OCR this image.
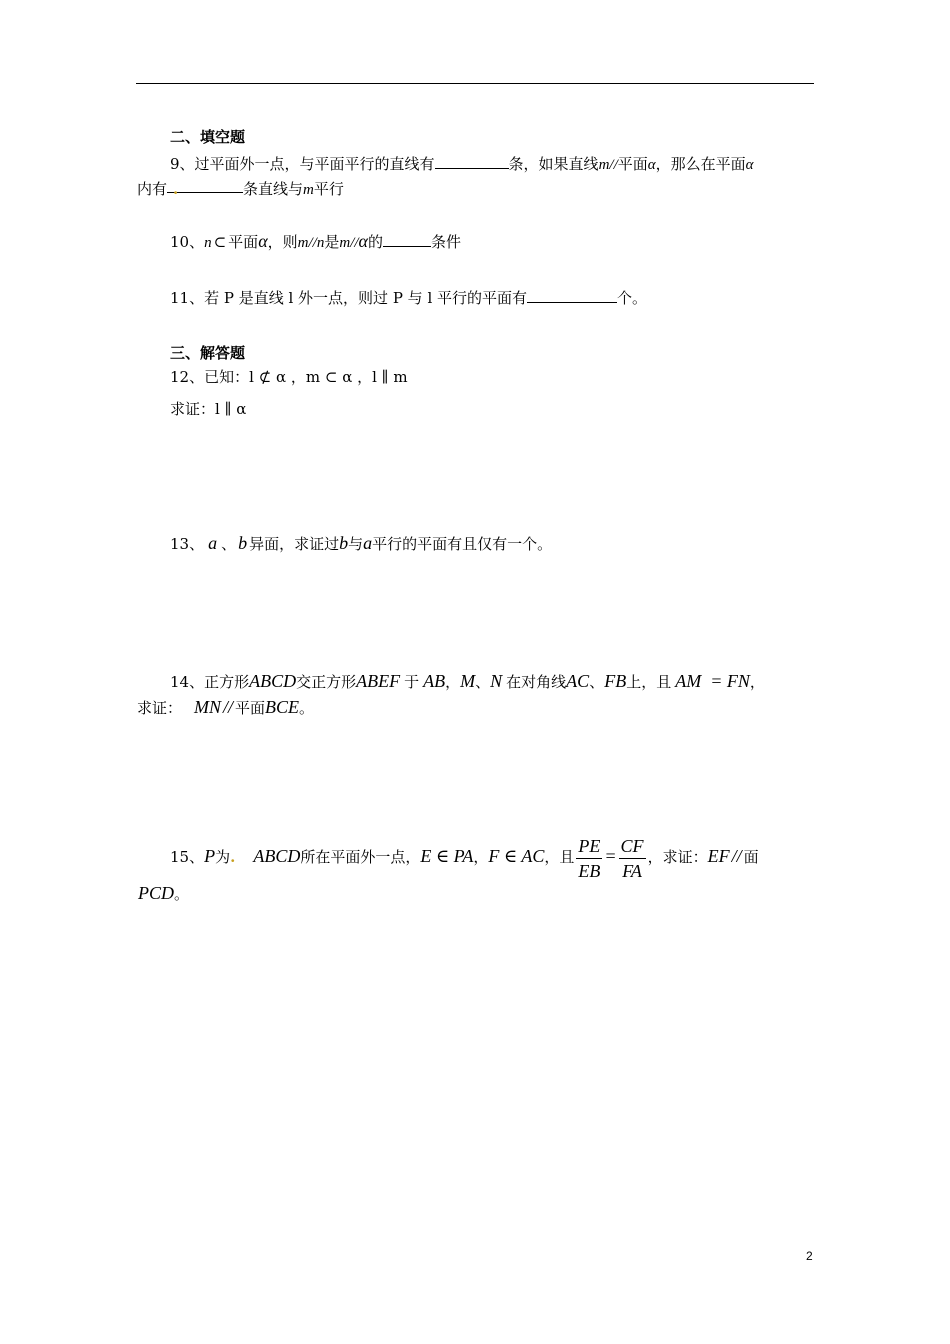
二、填空题
9、过平面外一点，与平面平行的直线有	条，如果直线m//平面α，那么在平面α
内有 .	条直线与m平行
10、n ⊂ 平面α，则m//n是m//α的	条件
11、若 P 是直线 l 外一点，则过 P 与 l 平行的平面有	个。
三、解答题
12、已知：l ⊄ α ，m ⊂ α ，l ∥ m
求证：l ∥ α
13、 a 、 b 异面，求证过b与a平行的平面有且仅有一个。
14、正方形ABCD交正方形ABEF 于 AB，M、N 在对角线AC、FB上，且 AM  = FN，
求证： MN // 平面BCE。
15、P为. ABCD所在平面外一点，E ∈ PA，F ∈ AC，且 $\frac{PE}{EB} = \frac{CF}{FA}$ ，求证：EF // 面
PCD。
2
